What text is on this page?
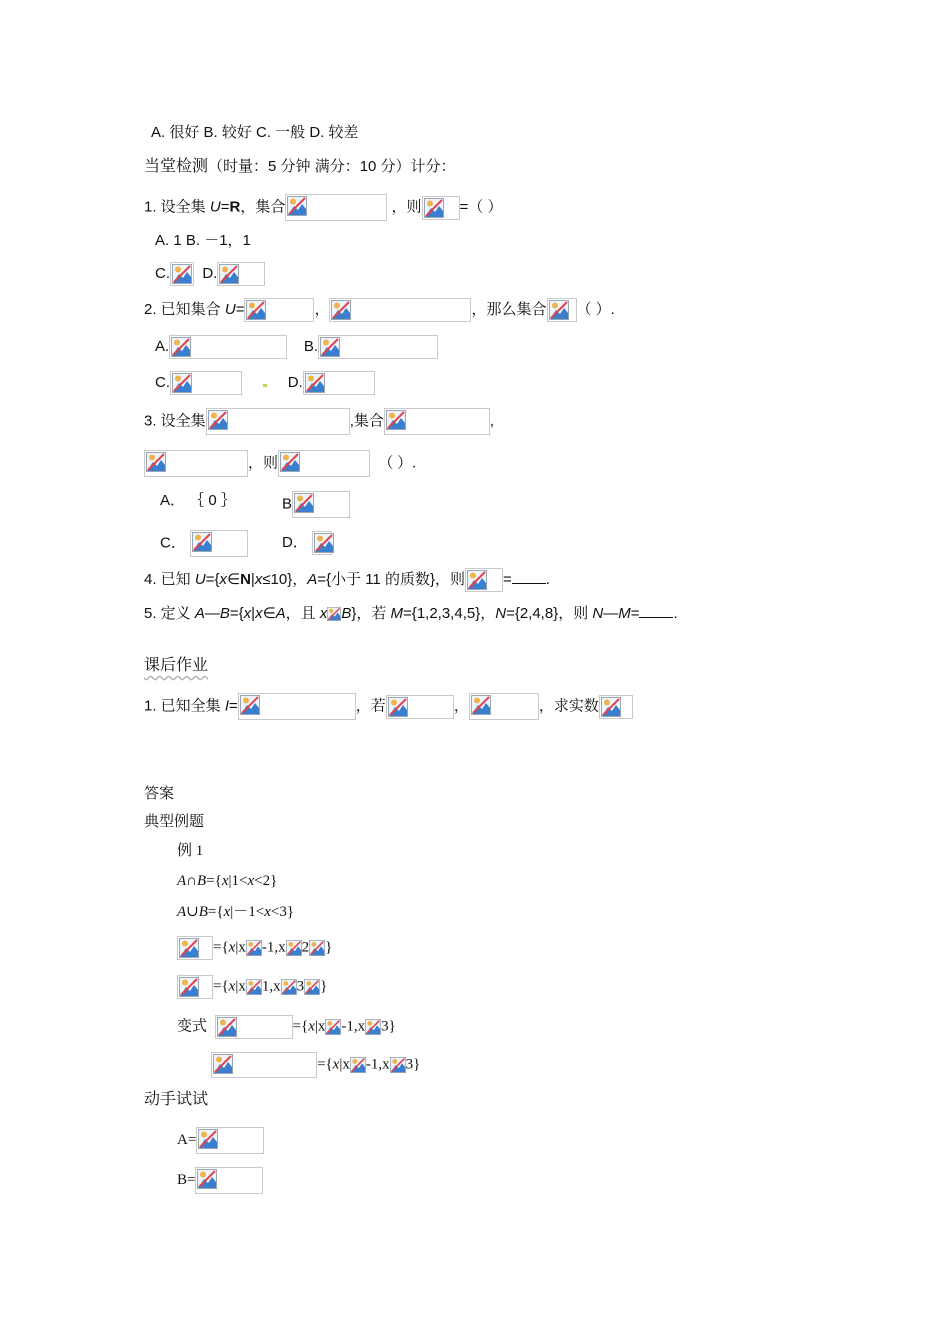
A. 很好 B. 较好 C. 一般 D. 较差
当堂检测（时量：5 分钟 满分：10 分）计分：
1. 设全集 U=R，集合	，则	=（ ）
A. 1 B. －1，1
C. D.
2. 已知集合 U=	，	，那么集合 （ ）.
A.	B.
C.	D.
3. 设全集	,集合	,
，则	（ ）.
A． ｛ 0 ｝	B
C．	D．
4. 已知 U={x∈N|x≤10}，A={小于 11 的质数}，则	= .
5. 定义 A—B={x|x∈A，且 x B}，若 M={1,2,3,4,5}，N={2,4,8}，则 N—M= .
课后作业
1. 已知全集 I=	，若	，	，求实数
答案
典型例题
例 1
A∩B={x|1<x<2}
A∪B={x|－1<x<3}
={x|x -1,x 2 }
={x|x 1,x 3 }
变式	={x|x -1,x 3}
={x|x -1,x 3}
动手试试
A=
B=
